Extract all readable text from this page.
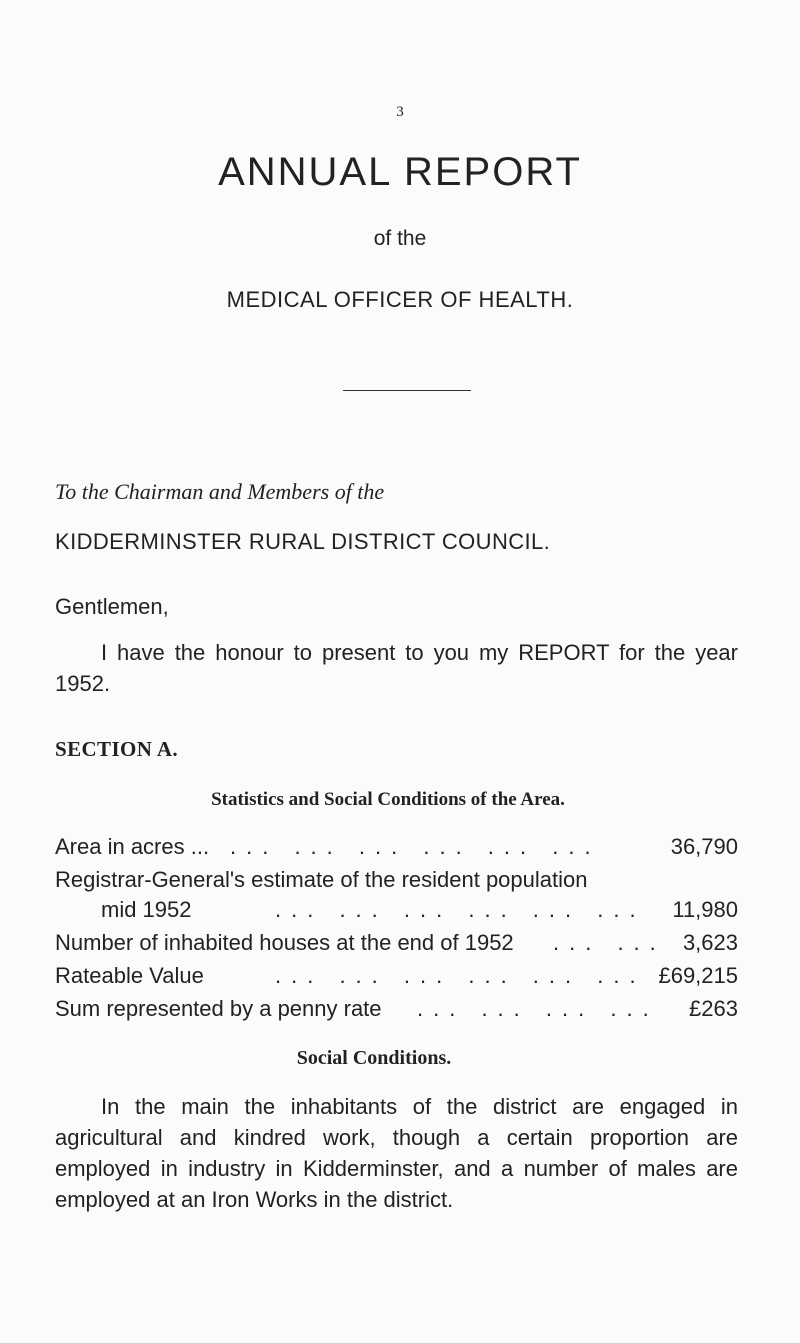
3
ANNUAL REPORT
of the
MEDICAL OFFICER OF HEALTH.
To the Chairman and Members of the
KIDDERMINSTER RURAL DISTRICT COUNCIL.
Gentlemen,
I have the honour to present to you my REPORT for the year 1952.
SECTION A.
Statistics and Social Conditions of the Area.
Area in acres ... ... ... ... ... ... ...	36,790
Registrar-General's estimate of the resident population
mid 1952	... ... ... ... ... ... 11,980
Number of inhabited houses at the end of 1952 ... ... 3,623
Rateable Value	... ... ... ... ... ... £69,215
Sum represented by a penny rate ... ... ... ... £263
Social Conditions.
In the main the inhabitants of the district are engaged in agricultural and kindred work, though a certain proportion are employed in industry in Kidderminster, and a number of males are employed at an Iron Works in the district.
